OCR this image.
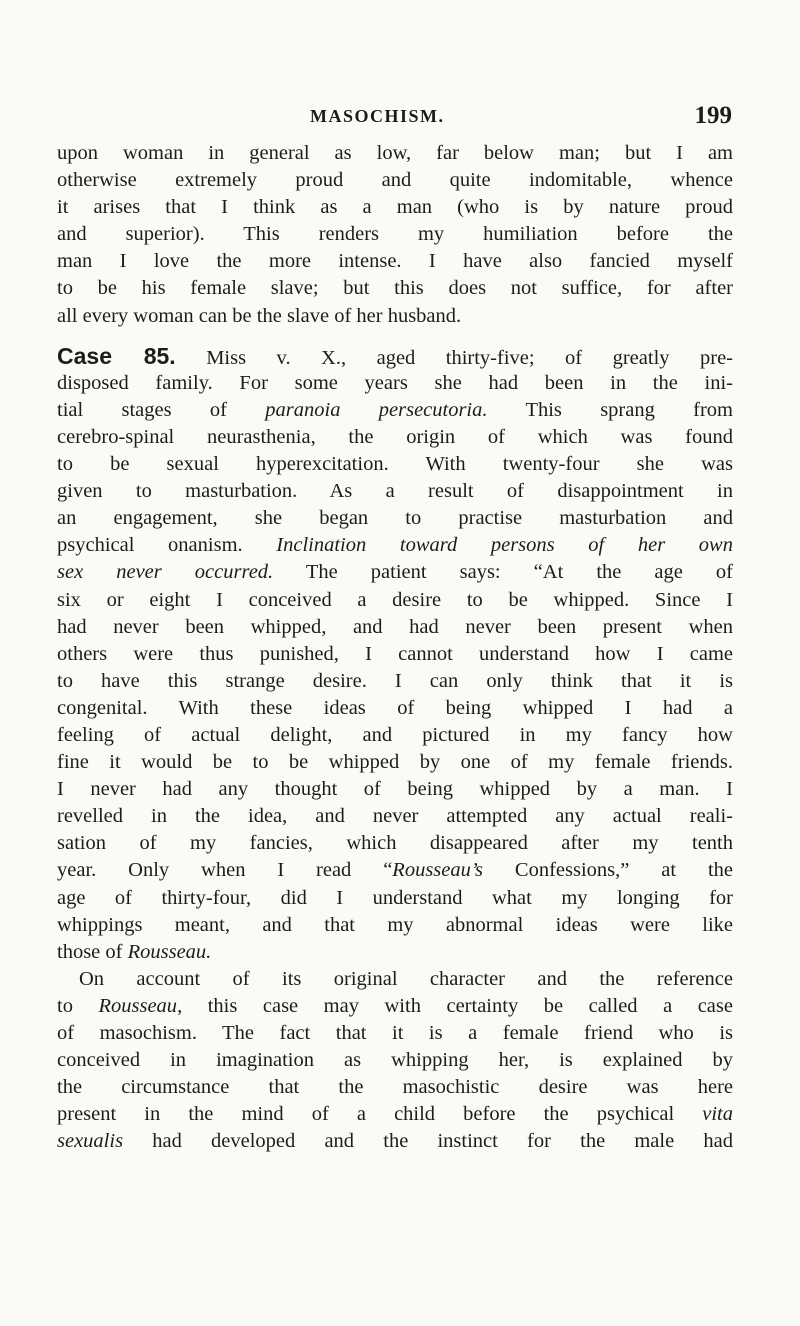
MASOCHISM.	199

upon woman in general as low, far below man; but I am
otherwise extremely proud and quite indomitable, whence
it arises that I think as a man (who is by nature proud
and superior). This renders my humiliation before the
man I love the more intense. I have also fancied myself
to be his female slave; but this does not suffice, for after
all every woman can be the slave of her husband.

Case 85. Miss v. X., aged thirty-five; of greatly pre-
disposed family. For some years she had been in the ini-
tial stages of paranoia persecutoria. This sprang from
cerebro-spinal neurasthenia, the origin of which was found
to be sexual hyperexcitation. With twenty-four she was
given to masturbation. As a result of disappointment in
an engagement, she began to practise masturbation and
psychical onanism. Inclination toward persons of her own
sex never occurred. The patient says: “At the age of
six or eight I conceived a desire to be whipped. Since I
had never been whipped, and had never been present when
others were thus punished, I cannot understand how I came
to have this strange desire. I can only think that it is
congenital. With these ideas of being whipped I had a
feeling of actual delight, and pictured in my fancy how
fine it would be to be whipped by one of my female friends.
I never had any thought of being whipped by a man. I
revelled in the idea, and never attempted any actual reali-
sation of my fancies, which disappeared after my tenth
year. Only when I read “Rousseau’s Confessions,” at the
age of thirty-four, did I understand what my longing for
whippings meant, and that my abnormal ideas were like
those of Rousseau.

On account of its original character and the reference
to Rousseau, this case may with certainty be called a case
of masochism. The fact that it is a female friend who is
conceived in imagination as whipping her, is explained by
the circumstance that the masochistic desire was here
present in the mind of a child before the psychical vita
sexualis had developed and the instinct for the male had
